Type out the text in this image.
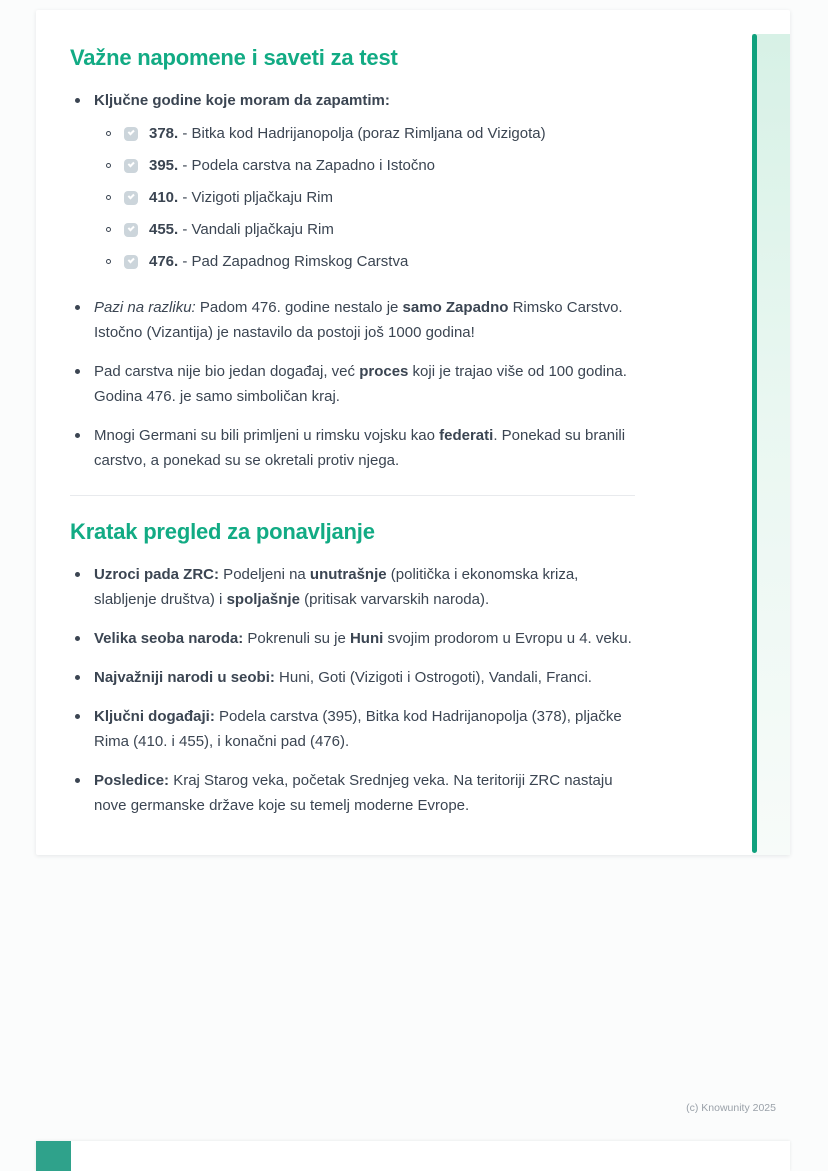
Važne napomene i saveti za test

Ključne godine koje moram da zapamtim:

378. - Bitka kod Hadrijanopolja (poraz Rimljana od Vizigota)

395. - Podela carstva na Zapadno i Istočno

410. - Vizigoti pljačkaju Rim

455. - Vandali pljačkaju Rim

476. - Pad Zapadnog Rimskog Carstva

Pazi na razliku: Padom 476. godine nestalo je samo Zapadno Rimsko Carstvo. Istočno (Vizantija) je nastavilo da postoji još 1000 godina!

Pad carstva nije bio jedan događaj, već proces koji je trajao više od 100 godina. Godina 476. je samo simboličan kraj.

Mnogi Germani su bili primljeni u rimsku vojsku kao federati. Ponekad su branili carstvo, a ponekad su se okretali protiv njega.

Kratak pregled za ponavljanje

Uzroci pada ZRC: Podeljeni na unutrašnje (politička i ekonomska kriza, slabljenje društva) i spoljašnje (pritisak varvarskih naroda).

Velika seoba naroda: Pokrenuli su je Huni svojim prodorom u Evropu u 4. veku.

Najvažniji narodi u seobi: Huni, Goti (Vizigoti i Ostrogoti), Vandali, Franci.

Ključni događaji: Podela carstva (395), Bitka kod Hadrijanopolja (378), pljačke Rima (410. i 455), i konačni pad (476).

Posledice: Kraj Starog veka, početak Srednjeg veka. Na teritoriji ZRC nastaju nove germanske države koje su temelj moderne Evrope.

(c) Knowunity 2025
